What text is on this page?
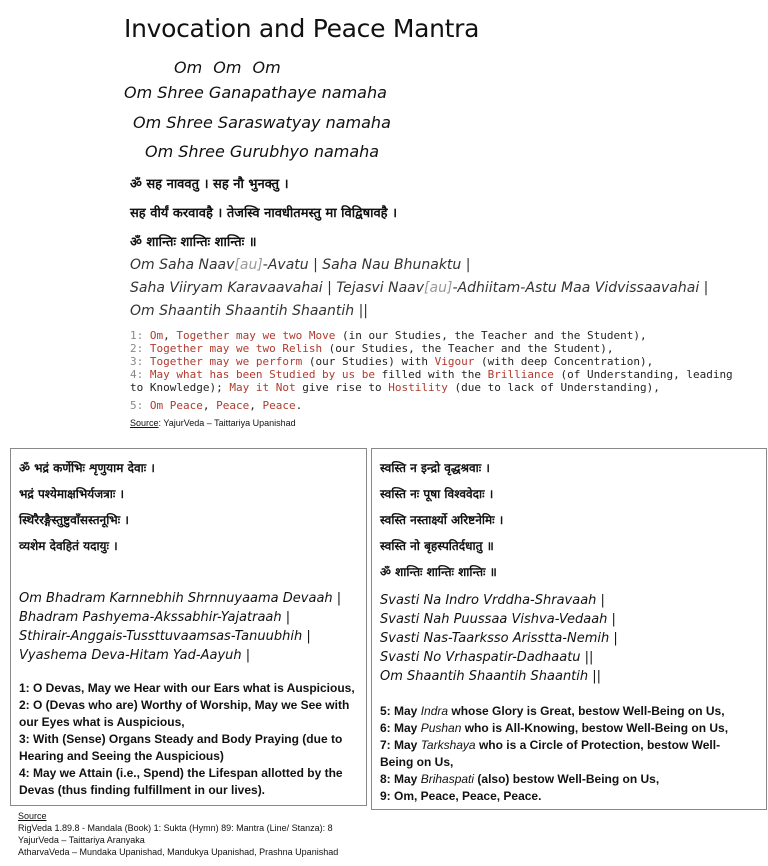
Invocation and Peace Mantra
Om Om Om
Om Shree Ganapathaye namaha
Om Shree Saraswatyay namaha
Om Shree Gurubhyo namaha
ॐ सह नाववतु । सह नौ भुनक्तु ।
सह वीर्यं करवावहै । तेजस्वि नावधीतमस्तु मा विद्विषावहै ।
ॐ शान्तिः शान्तिः शान्तिः ॥
Om Saha Naav[au]-Avatu | Saha Nau Bhunaktu |
Saha Viiryam Karavaavahai | Tejasvi Naav[au]-Adhiitam-Astu Maa Vidvissaavahai |
Om Shaantih Shaantih Shaantih ||
1: Om, Together may we two Move (in our Studies, the Teacher and the Student),
2: Together may we two Relish (our Studies, the Teacher and the Student),
3: Together may we perform (our Studies) with Vigour (with deep Concentration),
4: May what has been Studied by us be filled with the Brilliance (of Understanding, leading
to Knowledge); May it Not give rise to Hostility (due to lack of Understanding),
5: Om Peace, Peace, Peace.
Source: YajurVeda – Taittariya Upanishad
ॐ भद्रं कर्णेभिः शृणुयाम देवाः ।
भद्रं पश्येमाक्षभिर्यजत्राः ।
स्थिरैरङ्गैस्तुष्टुवाँसस्तनूभिः ।
व्यशेम देवहितं यदायुः ।
Om Bhadram Karnnebhih Shrnnuyaama Devaah |
Bhadram Pashyema-Akssabhir-Yajatraah |
Sthirair-Anggais-Tussttuvaamsas-Tanuubhih |
Vyashema Deva-Hitam Yad-Aayuh |
1: O Devas, May we Hear with our Ears what is Auspicious,
2: O (Devas who are) Worthy of Worship, May we See with our Eyes what is Auspicious,
3: With (Sense) Organs Steady and Body Praying (due to Hearing and Seeing the Auspicious)
4: May we Attain (i.e., Spend) the Lifespan allotted by the Devas (thus finding fulfillment in our lives).
स्वस्ति न इन्द्रो वृद्धश्रवाः ।
स्वस्ति नः पूषा विश्ववेदाः ।
स्वस्ति नस्तार्क्ष्यो अरिष्टनेमिः ।
स्वस्ति नो बृहस्पतिर्दधातु ॥
ॐ शान्तिः शान्तिः शान्तिः ॥
Svasti Na Indro Vrddha-Shravaah |
Svasti Nah Puussaa Vishva-Vedaah |
Svasti Nas-Taarksso Arisstta-Nemih |
Svasti No Vrhaspatir-Dadhaatu ||
Om Shaantih Shaantih Shaantih ||
5: May Indra whose Glory is Great, bestow Well-Being on Us,
6: May Pushan who is All-Knowing, bestow Well-Being on Us,
7: May Tarkshaya who is a Circle of Protection, bestow Well-Being on Us,
8: May Brihaspati (also) bestow Well-Being on Us,
9: Om, Peace, Peace, Peace.
Source
RigVeda 1.89.8 - Mandala (Book) 1: Sukta (Hymn) 89: Mantra (Line/ Stanza): 8
YajurVeda – Taittariya Aranyaka
AtharvaVeda – Mundaka Upanishad, Mandukya Upanishad, Prashna Upanishad
